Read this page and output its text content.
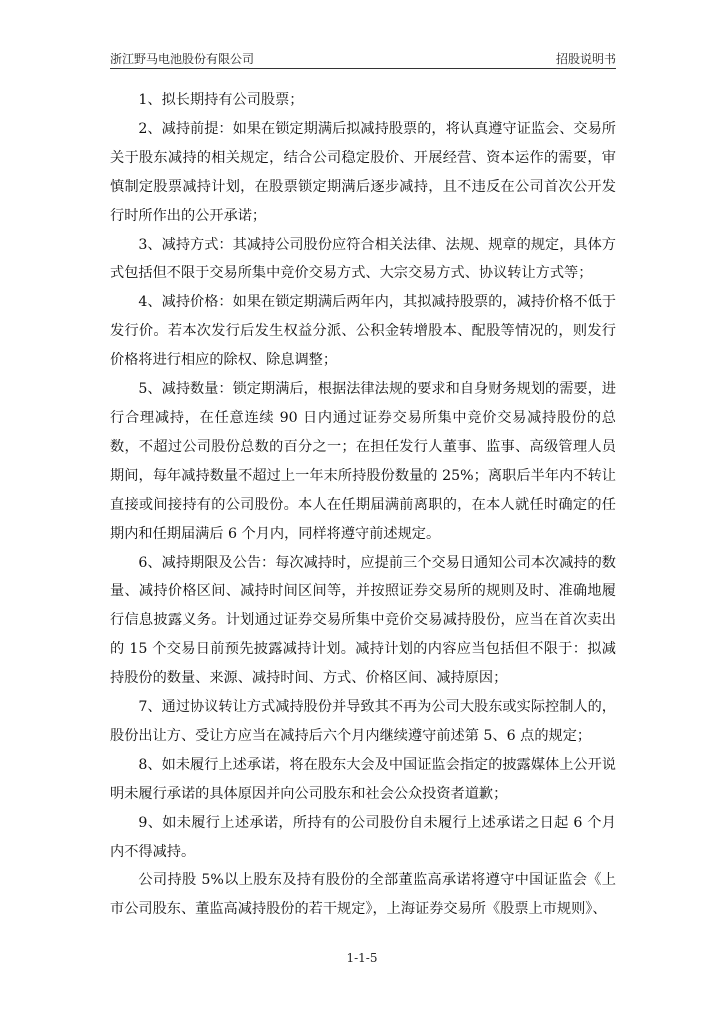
浙江野马电池股份有限公司	招股说明书

1、拟长期持有公司股票；

2、减持前提：如果在锁定期满后拟减持股票的，将认真遵守证监会、交易所关于股东减持的相关规定，结合公司稳定股价、开展经营、资本运作的需要，审慎制定股票减持计划，在股票锁定期满后逐步减持，且不违反在公司首次公开发行时所作出的公开承诺；

3、减持方式：其减持公司股份应符合相关法律、法规、规章的规定，具体方式包括但不限于交易所集中竞价交易方式、大宗交易方式、协议转让方式等；

4、减持价格：如果在锁定期满后两年内，其拟减持股票的，减持价格不低于发行价。若本次发行后发生权益分派、公积金转增股本、配股等情况的，则发行价格将进行相应的除权、除息调整；

5、减持数量：锁定期满后，根据法律法规的要求和自身财务规划的需要，进行合理减持，在任意连续 90 日内通过证券交易所集中竞价交易减持股份的总数，不超过公司股份总数的百分之一；在担任发行人董事、监事、高级管理人员期间，每年减持数量不超过上一年末所持股份数量的 25%；离职后半年内不转让直接或间接持有的公司股份。本人在任期届满前离职的，在本人就任时确定的任期内和任期届满后 6 个月内，同样将遵守前述规定。

6、减持期限及公告：每次减持时，应提前三个交易日通知公司本次减持的数量、减持价格区间、减持时间区间等，并按照证券交易所的规则及时、准确地履行信息披露义务。计划通过证券交易所集中竞价交易减持股份，应当在首次卖出的 15 个交易日前预先披露减持计划。减持计划的内容应当包括但不限于：拟减持股份的数量、来源、减持时间、方式、价格区间、减持原因；

7、通过协议转让方式减持股份并导致其不再为公司大股东或实际控制人的，股份出让方、受让方应当在减持后六个月内继续遵守前述第 5、6 点的规定；

8、如未履行上述承诺，将在股东大会及中国证监会指定的披露媒体上公开说明未履行承诺的具体原因并向公司股东和社会公众投资者道歉；

9、如未履行上述承诺，所持有的公司股份自未履行上述承诺之日起 6 个月内不得减持。

公司持股 5%以上股东及持有股份的全部董监高承诺将遵守中国证监会《上市公司股东、董监高减持股份的若干规定》，上海证券交易所《股票上市规则》、

1-1-5
